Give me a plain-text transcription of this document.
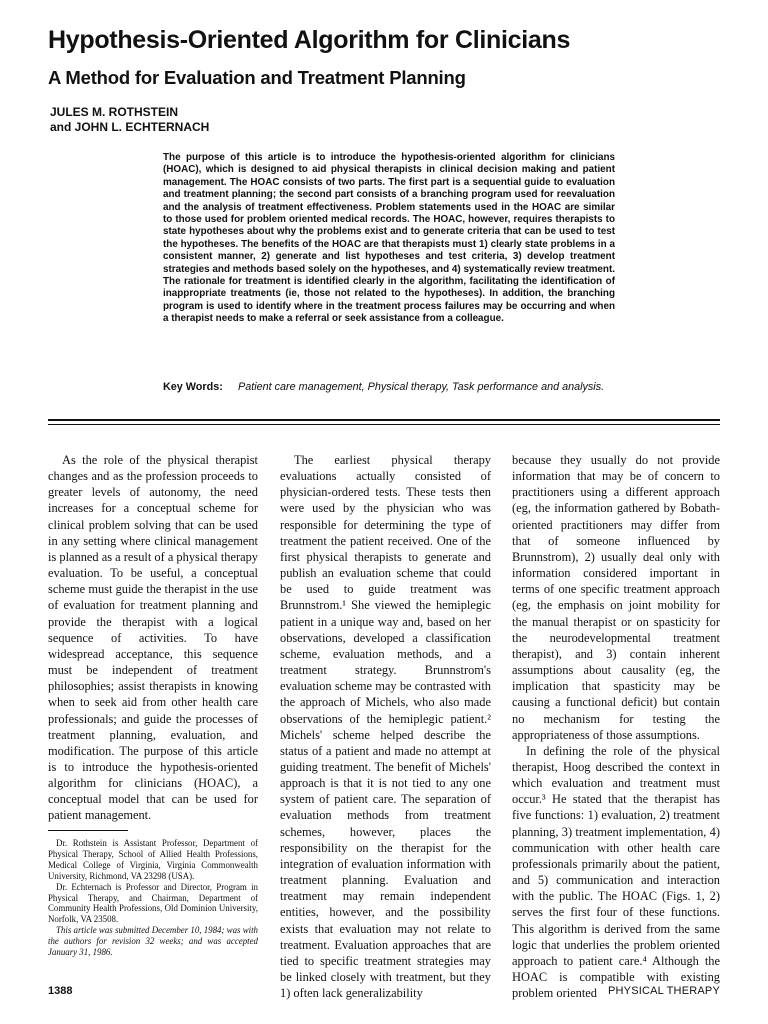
Hypothesis-Oriented Algorithm for Clinicians
A Method for Evaluation and Treatment Planning
JULES M. ROTHSTEIN
and JOHN L. ECHTERNACH
The purpose of this article is to introduce the hypothesis-oriented algorithm for clinicians (HOAC), which is designed to aid physical therapists in clinical decision making and patient management. The HOAC consists of two parts. The first part is a sequential guide to evaluation and treatment planning; the second part consists of a branching program used for reevaluation and the analysis of treatment effectiveness. Problem statements used in the HOAC are similar to those used for problem oriented medical records. The HOAC, however, requires therapists to state hypotheses about why the problems exist and to generate criteria that can be used to test the hypotheses. The benefits of the HOAC are that therapists must 1) clearly state problems in a consistent manner, 2) generate and list hypotheses and test criteria, 3) develop treatment strategies and methods based solely on the hypotheses, and 4) systematically review treatment. The rationale for treatment is identified clearly in the algorithm, facilitating the identification of inappropriate treatments (ie, those not related to the hypotheses). In addition, the branching program is used to identify where in the treatment process failures may be occurring and when a therapist needs to make a referral or seek assistance from a colleague.
Key Words: Patient care management, Physical therapy, Task performance and analysis.

As the role of the physical therapist changes and as the profession proceeds to greater levels of autonomy, the need increases for a conceptual scheme for clinical problem solving that can be used in any setting where clinical management is planned as a result of a physical therapy evaluation. To be useful, a conceptual scheme must guide the therapist in the use of evaluation for treatment planning and provide the therapist with a logical sequence of activities. To have widespread acceptance, this sequence must be independent of treatment philosophies; assist therapists in knowing when to seek aid from other health care professionals; and guide the processes of treatment planning, evaluation, and modification. The purpose of this article is to introduce the hypothesis-oriented algorithm for clinicians (HOAC), a conceptual model that can be used for patient management.

Dr. Rothstein is Assistant Professor, Department of Physical Therapy, School of Allied Health Professions, Medical College of Virginia, Virginia Commonwealth University, Richmond, VA 23298 (USA).

Dr. Echternach is Professor and Director, Program in Physical Therapy, and Chairman, Department of Community Health Professions, Old Dominion University, Norfolk, VA 23508.

This article was submitted December 10, 1984; was with the authors for revision 32 weeks; and was accepted January 31, 1986.

The earliest physical therapy evaluations actually consisted of physician-ordered tests. These tests then were used by the physician who was responsible for determining the type of treatment the patient received. One of the first physical therapists to generate and publish an evaluation scheme that could be used to guide treatment was Brunnstrom.¹ She viewed the hemiplegic patient in a unique way and, based on her observations, developed a classification scheme, evaluation methods, and a treatment strategy. Brunnstrom's evaluation scheme may be contrasted with the approach of Michels, who also made observations of the hemiplegic patient.² Michels' scheme helped describe the status of a patient and made no attempt at guiding treatment. The benefit of Michels' approach is that it is not tied to any one system of patient care. The separation of evaluation methods from treatment schemes, however, places the responsibility on the therapist for the integration of evaluation information with treatment planning. Evaluation and treatment may remain independent entities, however, and the possibility exists that evaluation may not relate to treatment. Evaluation approaches that are tied to specific treatment strategies may be linked closely with treatment, but they 1) often lack generalizability

because they usually do not provide information that may be of concern to practitioners using a different approach (eg, the information gathered by Bobath-oriented practitioners may differ from that of someone influenced by Brunnstrom), 2) usually deal only with information considered important in terms of one specific treatment approach (eg, the emphasis on joint mobility for the manual therapist or on spasticity for the neurodevelopmental treatment therapist), and 3) contain inherent assumptions about causality (eg, the implication that spasticity may be causing a functional deficit) but contain no mechanism for testing the appropriateness of those assumptions.

In defining the role of the physical therapist, Hoog described the context in which evaluation and treatment must occur.³ He stated that the therapist has five functions: 1) evaluation, 2) treatment planning, 3) treatment implementation, 4) communication with other health care professionals primarily about the patient, and 5) communication and interaction with the public. The HOAC (Figs. 1, 2) serves the first four of these functions. This algorithm is derived from the same logic that underlies the problem oriented approach to patient care.⁴ Although the HOAC is compatible with existing problem oriented

1388	PHYSICAL THERAPY
